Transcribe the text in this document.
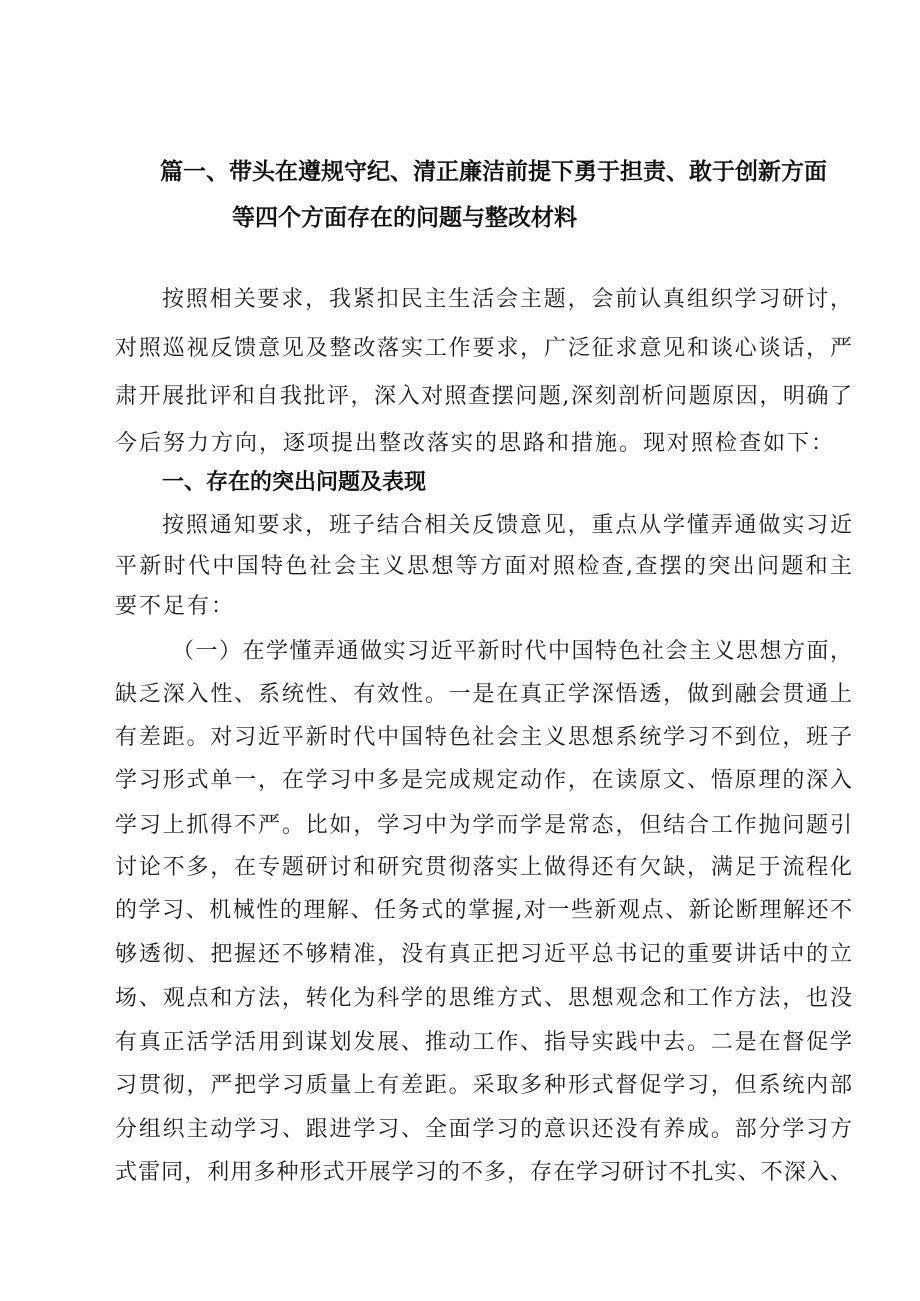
篇一、带头在遵规守纪、清正廉洁前提下勇于担责、敢于创新方面
等四个方面存在的问题与整改材料
按照相关要求，我紧扣民主生活会主题，会前认真组织学习研讨，
对照巡视反馈意见及整改落实工作要求，广泛征求意见和谈心谈话，严
肃开展批评和自我批评，深入对照查摆问题,深刻剖析问题原因，明确了
今后努力方向，逐项提出整改落实的思路和措施。现对照检查如下：
一、存在的突出问题及表现
按照通知要求，班子结合相关反馈意见，重点从学懂弄通做实习近
平新时代中国特色社会主义思想等方面对照检查,查摆的突出问题和主
要不足有：
（一）在学懂弄通做实习近平新时代中国特色社会主义思想方面，
缺乏深入性、系统性、有效性。一是在真正学深悟透，做到融会贯通上
有差距。对习近平新时代中国特色社会主义思想系统学习不到位，班子
学习形式单一，在学习中多是完成规定动作，在读原文、悟原理的深入
学习上抓得不严。比如，学习中为学而学是常态，但结合工作抛问题引
讨论不多，在专题研讨和研究贯彻落实上做得还有欠缺，满足于流程化
的学习、机械性的理解、任务式的掌握,对一些新观点、新论断理解还不
够透彻、把握还不够精准，没有真正把习近平总书记的重要讲话中的立
场、观点和方法，转化为科学的思维方式、思想观念和工作方法，也没
有真正活学活用到谋划发展、推动工作、指导实践中去。二是在督促学
习贯彻，严把学习质量上有差距。采取多种形式督促学习，但系统内部
分组织主动学习、跟进学习、全面学习的意识还没有养成。部分学习方
式雷同，利用多种形式开展学习的不多，存在学习研讨不扎实、不深入、
